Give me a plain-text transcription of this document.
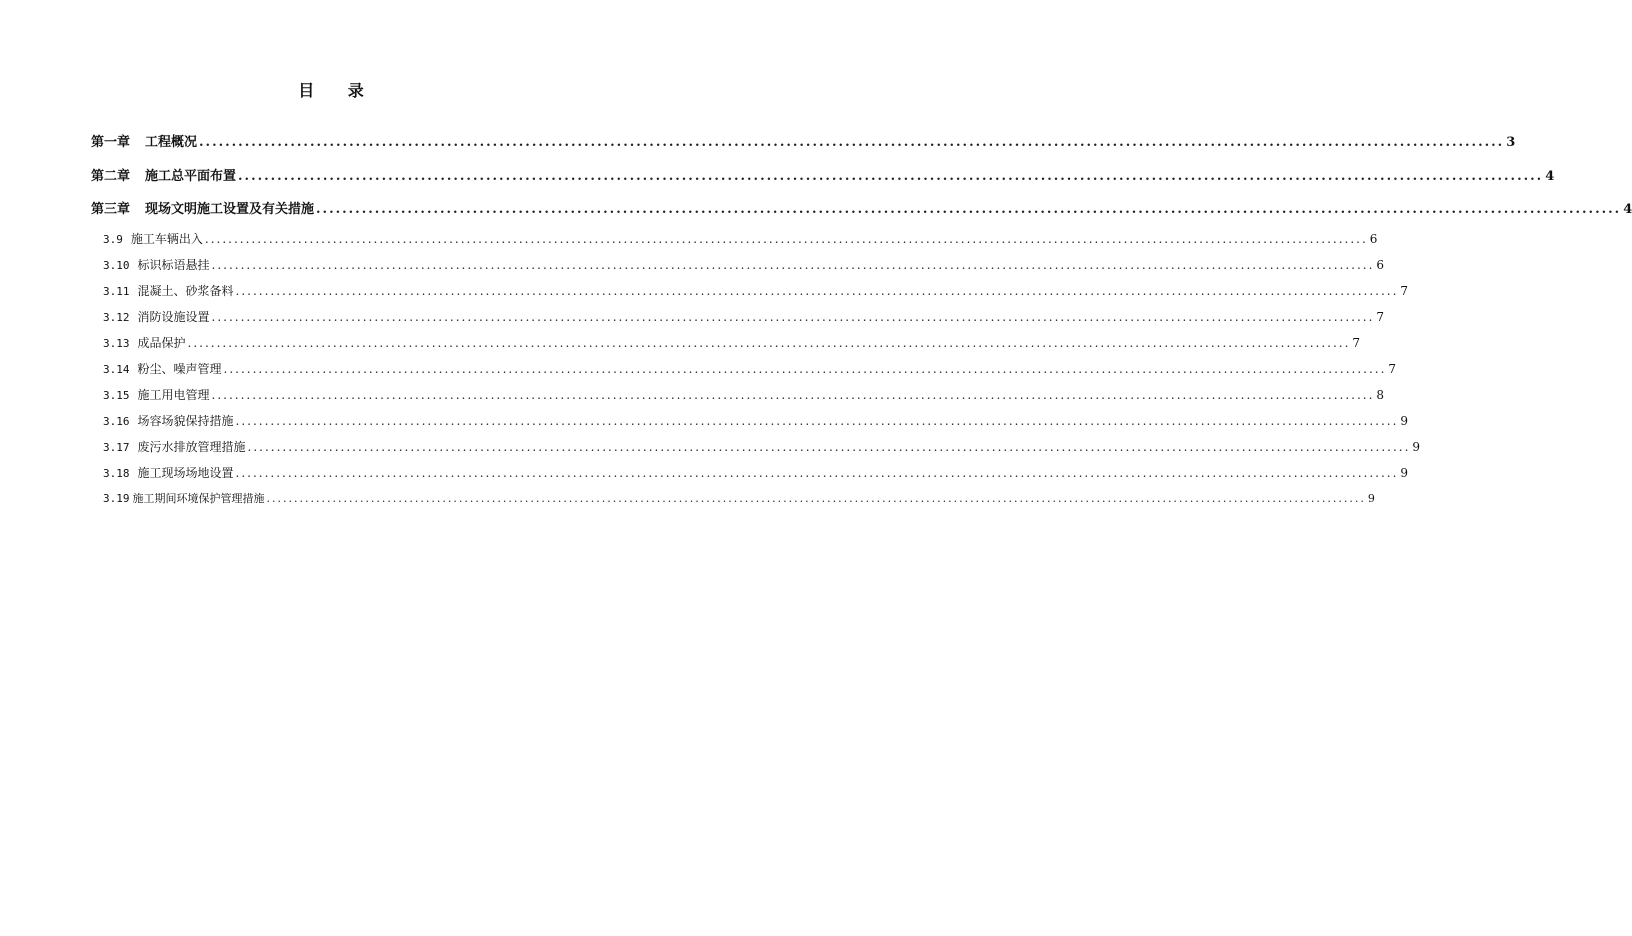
目 录
第一章 工程概况 ........................................................................................................................................................................................................ 3
第二章 施工总平面布置 ........................................................................................................................................................................................................ 4
第三章 现场文明施工设置及有关措施 ........................................................................................................................................................................................................ 4
3.9 施工车辆出入 ........................................................................................................................................................................................................ 6
3.10 标识标语悬挂 ........................................................................................................................................................................................................ 6
3.11 混凝土、砂浆备料 ........................................................................................................................................................................................................ 7
3.12 消防设施设置 ........................................................................................................................................................................................................ 7
3.13 成品保护 ........................................................................................................................................................................................................ 7
3.14 粉尘、噪声管理 ........................................................................................................................................................................................................ 7
3.15 施工用电管理 ........................................................................................................................................................................................................ 8
3.16 场容场貌保持措施 ........................................................................................................................................................................................................ 9
3.17 废污水排放管理措施 ........................................................................................................................................................................................................ 9
3.18 施工现场场地设置 ........................................................................................................................................................................................................ 9
3.19 施工期间环境保护管理措施 ........................................................................................................................................................................................................ 9
